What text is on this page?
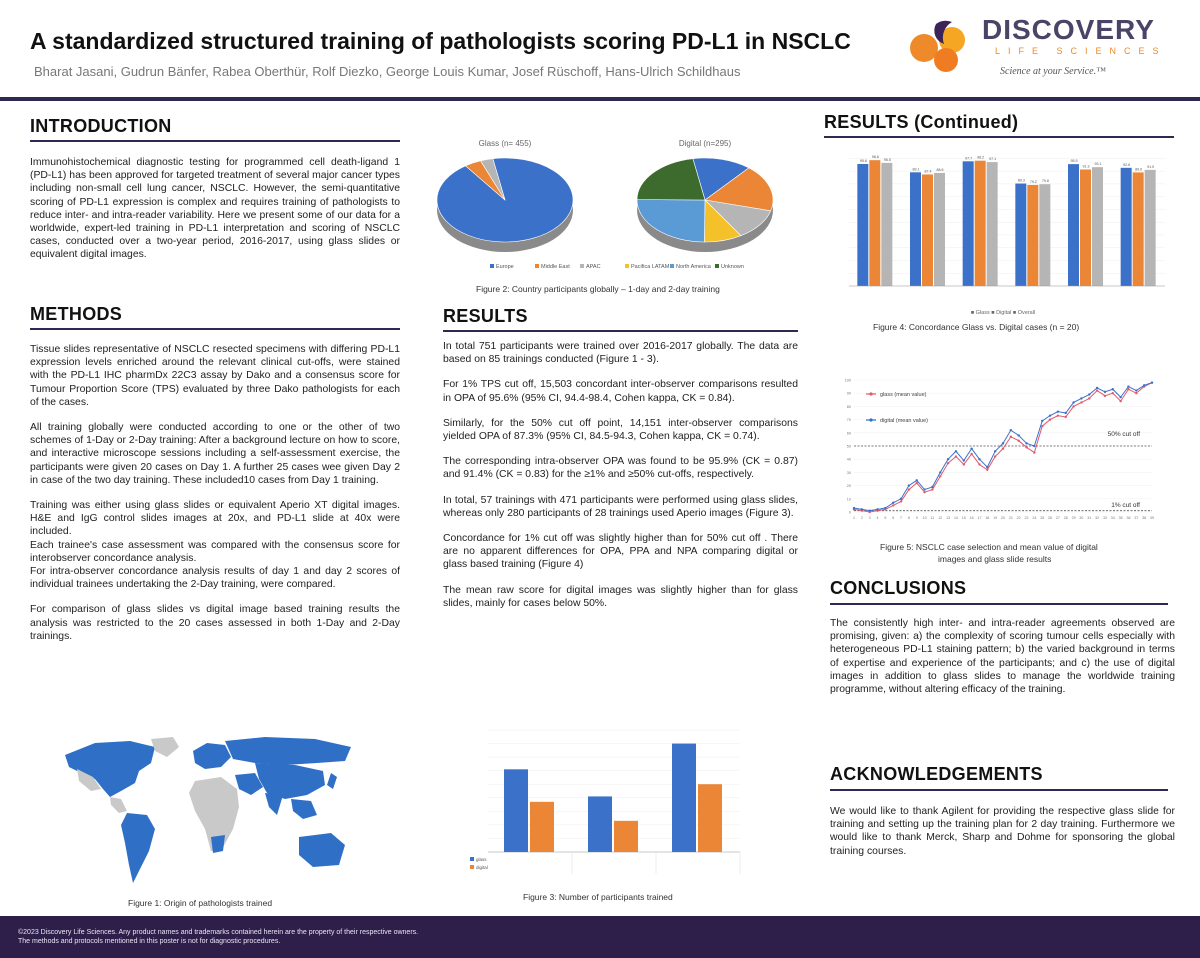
A standardized structured training of pathologists scoring PD-L1 in NSCLC
Bharat Jasani, Gudrun Bänfer, Rabea Oberthür, Rolf Diezko, George Louis Kumar, Josef Rüschoff, Hans-Ulrich Schildhaus
DISCOVERY
LIFE SCIENCES
Science at your Service.™
INTRODUCTION
Immunohistochemical diagnostic testing for programmed cell death-ligand 1 (PD-L1) has been approved for targeted treatment of several major cancer types including non-small cell lung cancer, NSCLC. However, the semi-quantitative scoring of PD-L1 expression is complex and requires training of pathologists to reduce inter- and intra-reader variability. Here we present some of our data for a worldwide, expert-led training in PD-L1 interpretation and scoring of NSCLC cases, conducted over a two-year period, 2016-2017, using glass slides or equivalent digital images.
METHODS

Tissue slides representative of NSCLC resected specimens with differing PD-L1 expression levels enriched around the relevant clinical cut-offs, were stained with the PD-L1 IHC pharmDx 22C3 assay by Dako and a consensus score for Tumour Proportion Score (TPS) evaluated by three Dako pathologists for each of the cases.

All training globally were conducted according to one or the other of two schemes of 1-Day or 2-Day training: After a background lecture on how to score, and interactive microscope sessions including a self-assessment exercise, the participants were given 20 cases on Day 1. A further 25 cases wee given Day 2 in case of the two day training. These included10 cases from Day 1 training.

Training was either using glass slides or equivalent Aperio XT digital images. H&E and IgG control slides images at 20x, and PD-L1 slide at 40x were included.

Each trainee's case assessment was compared with the consensus score for interobserver concordance analysis.

For intra-observer concordance analysis results of day 1 and day 2 scores of individual trainees undertaking the 2-Day training, were compared.

For comparison of glass slides vs digital image based training results the analysis was restricted to the 20 cases assessed in both 1-Day and 2-Day trainings.

Figure 1: Origin of pathologists trained
Glass (n= 455)	Digital (n=295)
Europe	Middle East	APAC	Pacifica LATAM North America Unknown
Figure 2: Country participants globally – 1-day and 2-day training
RESULTS

In total 751 participants were trained over 2016-2017 globally. The data are based on 85 trainings conducted (Figure 1 - 3).

For 1% TPS cut off, 15,503 concordant inter-observer comparisons resulted in OPA of 95.6% (95% CI, 94.4-98.4, Cohen kappa, CK = 0.84).

Similarly, for the 50% cut off point, 14,151 inter-observer comparisons yielded OPA of 87.3% (95% CI, 84.5-94.3, Cohen kappa, CK = 0.74).

The corresponding intra-observer OPA was found to be 95.9% (CK = 0.87) and 91.4% (CK = 0.83) for the ≥1% and ≥50% cut-offs, respectively.

In total, 57 trainings with 471 participants were performed using glass slides, whereas only 280 participants of 28 trainings used Aperio images (Figure 3).

Concordance for 1% cut off was slightly higher than for 50% cut off . There are no apparent differences for OPA, PPA and NPA comparing digital or glass based training (Figure 4)

The mean raw score for digital images was slightly higher than for glass slides, mainly for cases below 50%.

glass
digital
Figure 3: Number of participants trained
RESULTS (Continued)
95.6
98.6
96.5
89.1
87.4 88.6
97.7 98.2 97.1
80.3 79.2 79.8
95.5
91.3
93.1	92.6
89.0
91.0
■ Glass ■ Digital ■ Overall
Figure 4: Concordance Glass vs. Digital cases (n = 20)
0
10
20
30
40
50
60
70
80
90
100
1 2 3 4 5 6 7 8 9 10 11 12 13 14 15 16 17 18 19 20 21 22 23 24 25 26 27 28 29 30 31 32 33 34 35 36 37 38 39
glass (mean value)
digital (mean value)
50% cut off
1% cut off
Figure 5: NSCLC case selection and mean value of digital
images and glass slide results
CONCLUSIONS
The consistently high inter- and intra-reader agreements observed are promising, given: a) the complexity of scoring tumour cells especially with heterogeneous PD-L1 staining pattern; b) the varied background in terms of expertise and experience of the participants; and c) the use of digital images in addition to glass slides to manage the worldwide training programme, without altering efficacy of the training.
ACKNOWLEDGEMENTS
We would like to thank Agilent for providing the respective glass slide for training and setting up the training plan for 2 day training. Furthermore we would like to thank Merck, Sharp and Dohme for sponsoring the global training courses.
©2023 Discovery Life Sciences. Any product names and trademarks contained herein are the property of their respective owners.
The methods and protocols mentioned in this poster is not for diagnostic procedures.
